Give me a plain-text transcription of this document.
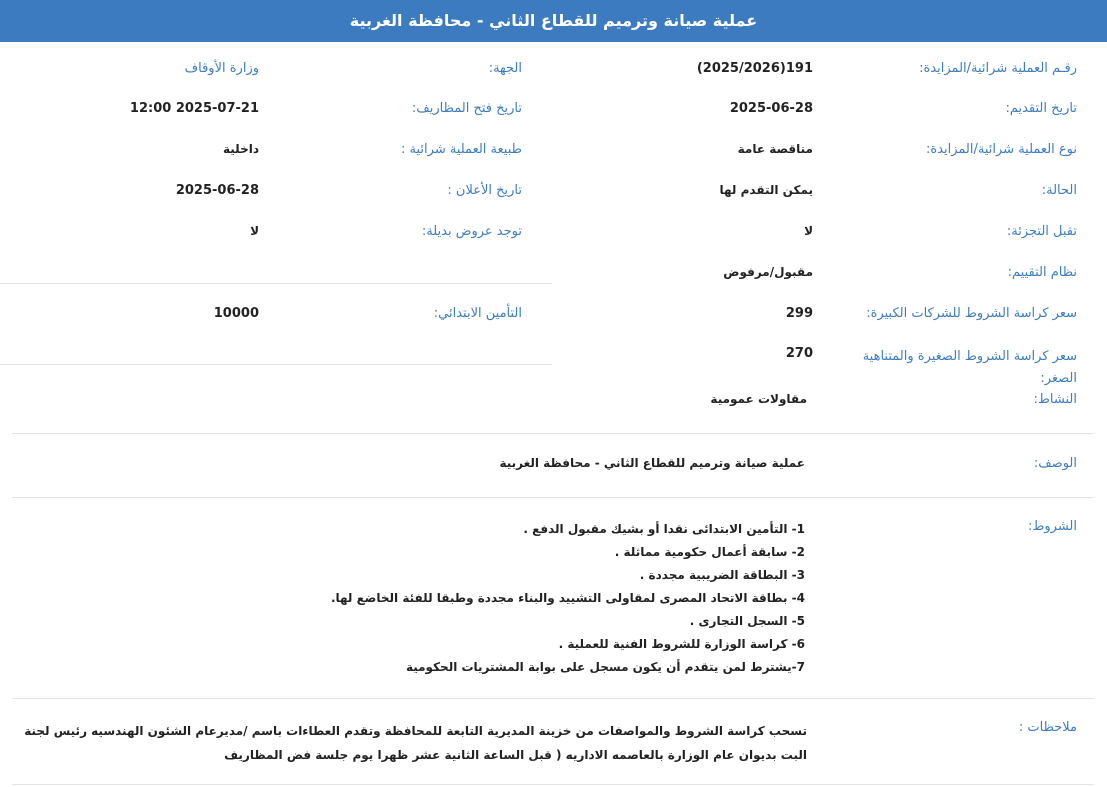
عملية صيانة وترميم للقطاع الثاني - محافظة الغربية
رقـم العملية شرائية/المزايدة:
191(2025/2026)
الجهة:
وزارة الأوقاف
تاريخ التقديم:
2025-06-28
تاريخ فتح المظاريف:
2025-07-21 12:00
نوع العملية شرائية/المزايدة:
مناقصة عامة
طبيعة العملية شرائية :
داخلية
الحالة:
يمكن التقدم لها
تاريخ الأعلان :
2025-06-28
تقبل التجزئة:
لا
توجد عروض بديلة:
لا
نظام التقييم:
مقبول/مرفوض
سعر كراسة الشروط للشركات الكبيرة:
299
التأمين الابتدائي:
10000
سعر كراسة الشروط الصغيرة والمتناهية الصغر:
270
النشاط:
مقاولات عمومية
الوصف:
عملية صيانة وترميم للقطاع الثاني - محافظة الغربية
الشروط:
1- التأمين الابتدائى نقدا أو بشيك مقبول الدفع .
2- سابقة أعمال حكومية مماثلة .
3- البطاقة الضريبية مجددة .
4- بطاقة الاتحاد المصرى لمقاولى التشييد والبناء مجددة وطبقا للفئة الخاضع لها.
5- السجل التجارى .
6- كراسة الوزارة للشروط الفنية للعملية .
7-يشترط لمن يتقدم أن يكون مسجل على بوابة المشتريات الحكومية
ملاحظات :
تسحب كراسة الشروط والمواصفات من خزينة المديرية التابعة للمحافظة وتقدم العطاءات باسم /مديرعام الشئون الهندسيه رئيس لجنة البت بديوان عام الوزارة بالعاصمه الاداريه ( قبل الساعة الثانية عشر ظهرا يوم جلسة فض المظاريف
